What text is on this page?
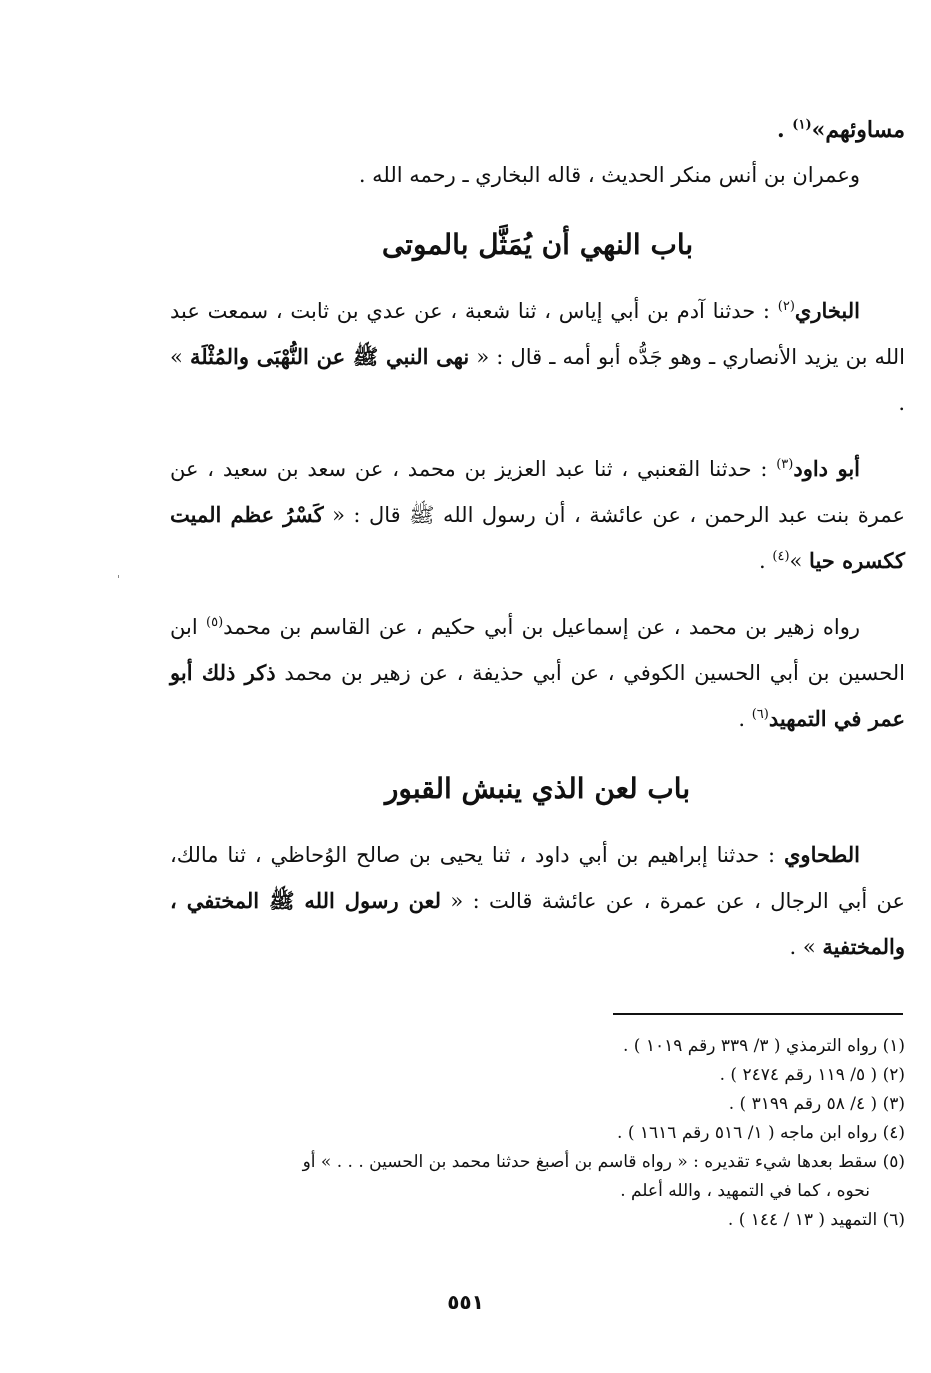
مساوئهم»$^{(١)}$ .

وعمران بن أنس منكر الحديث ، قاله البخاري ـ رحمه الله .

باب النهي أن يُمَثَّل بالموتى

البخاري$^{(٢)}$ : حدثنا آدم بن أبي إياس ، ثنا شعبة ، عن عدي بن ثابت ، سمعت عبد الله بن يزيد الأنصاري ـ وهو جَدُّه أبو أمه ـ قال : « نهى النبي ﷺ عن النُّهْبَى والمُثْلَة » .

أبو داود$^{(٣)}$ : حدثنا القعنبي ، ثنا عبد العزيز بن محمد ، عن سعد بن سعيد ، عن عمرة بنت عبد الرحمن ، عن عائشة ، أن رسول الله ﷺ قال : « كَسْرُ عظم الميت ككسره حيا »$^{(٤)}$ .

رواه زهير بن محمد ، عن إسماعيل بن أبي حكيم ، عن القاسم بن محمد$^{(٥)}$ ابن الحسين بن أبي الحسين الكوفي ، عن أبي حذيفة ، عن زهير بن محمد ذكر ذلك أبو عمر في التمهيد$^{(٦)}$ .

باب لعن الذي ينبش القبور

الطحاوي : حدثنا إبراهيم بن أبي داود ، ثنا يحيى بن صالح الوُحاظي ، ثنا مالك، عن أبي الرجال ، عن عمرة ، عن عائشة قالت : « لعن رسول الله ﷺ المختفي ، والمختفية » .

(١) رواه الترمذي ( ٣/ ٣٣٩ رقم ١٠١٩ ) .
(٢) ( ٥/ ١١٩ رقم ٢٤٧٤ ) .
(٣) ( ٤/ ٥٨ رقم ٣١٩٩ ) .
(٤) رواه ابن ماجه ( ١/ ٥١٦ رقم ١٦١٦ ) .
(٥) سقط بعدها شيء تقديره : « رواه قاسم بن أصبغ حدثنا محمد بن الحسين . . . » أو
نحوه ، كما في التمهيد ، والله أعلم .
(٦) التمهيد ( ١٣ / ١٤٤ ) .
٥٥١
